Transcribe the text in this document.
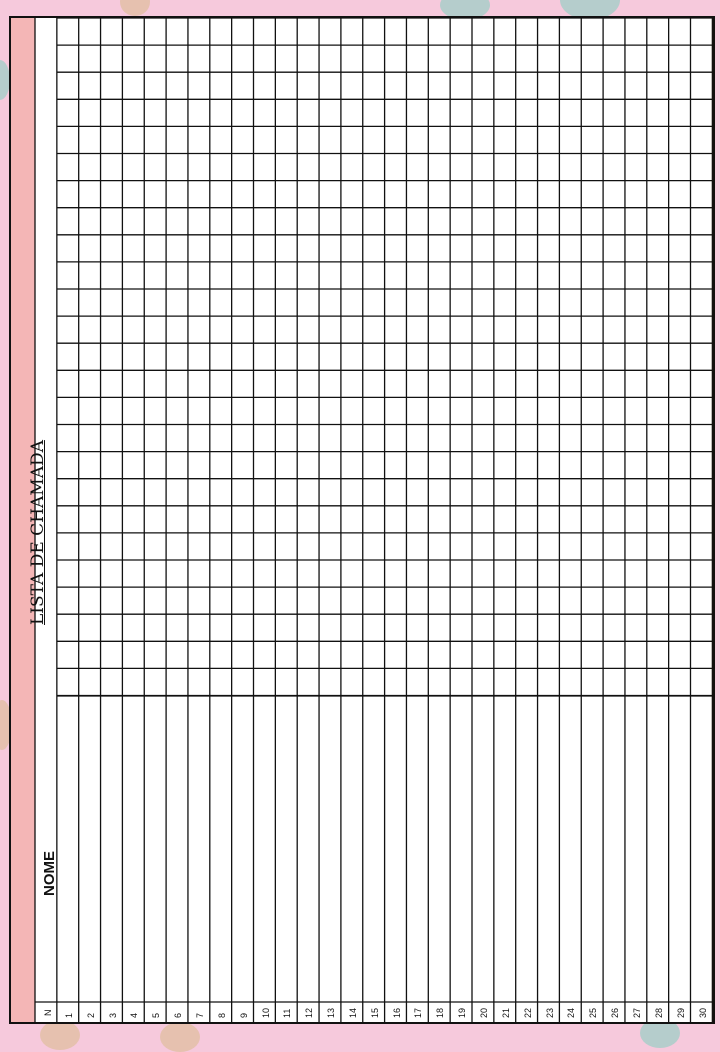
LISTA DE CHAMADA
NOME
N 1 2 3 4 5 6 7 8 9 10 11 12 13 14 15 16 17 18 19 20 21 22 23 24 25 26 27 28 29 30
